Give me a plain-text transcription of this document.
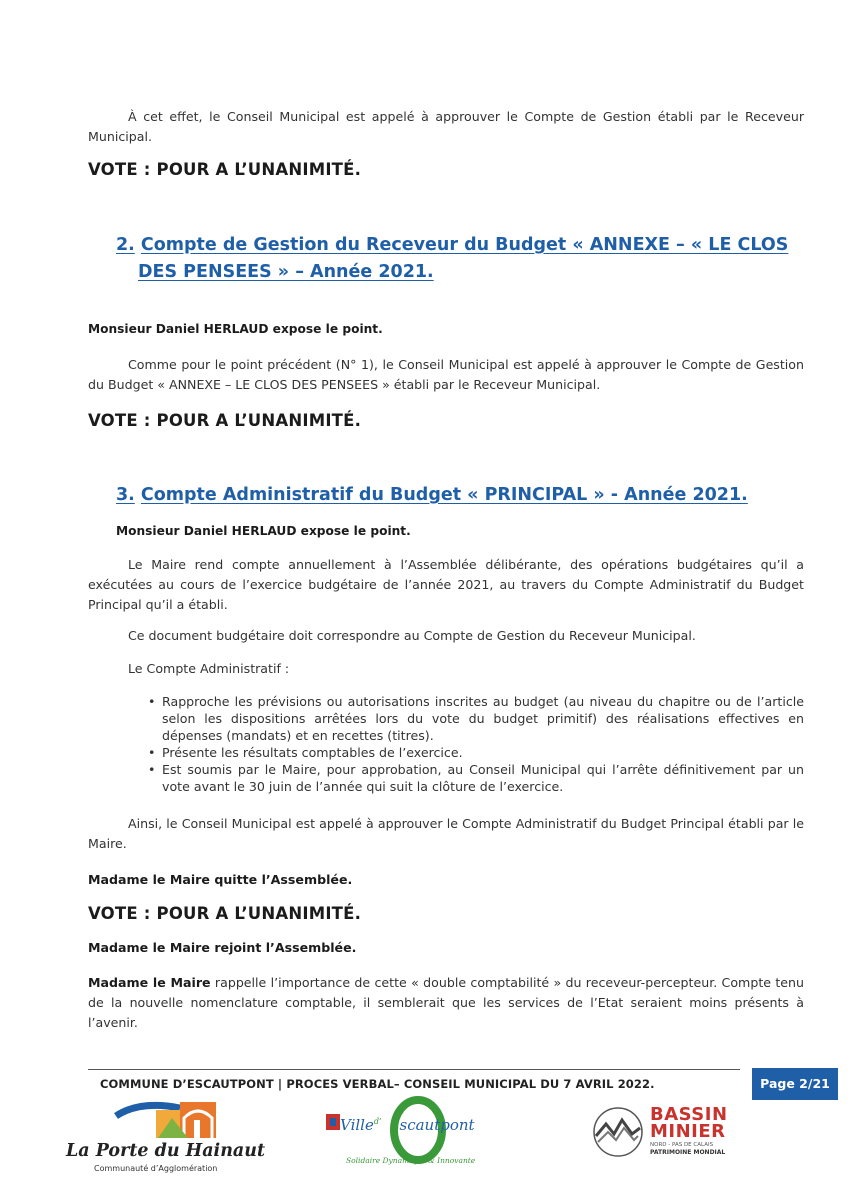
À cet effet, le Conseil Municipal est appelé à approuver le Compte de Gestion établi par le Receveur Municipal.
VOTE : POUR A L’UNANIMITÉ.
2. Compte de Gestion du Receveur du Budget « ANNEXE – « LE CLOS
DES PENSEES » – Année 2021.
Monsieur Daniel HERLAUD expose le point.
Comme pour le point précédent (N° 1), le Conseil Municipal est appelé à approuver le Compte de Gestion du Budget « ANNEXE – LE CLOS DES PENSEES » établi par le Receveur Municipal.
VOTE : POUR A L’UNANIMITÉ.
3. Compte Administratif du Budget « PRINCIPAL » - Année 2021.
Monsieur Daniel HERLAUD expose le point.
Le Maire rend compte annuellement à l’Assemblée délibérante, des opérations budgétaires qu’il a exécutées au cours de l’exercice budgétaire de l’année 2021, au travers du Compte Administratif du Budget Principal qu’il a établi.
Ce document budgétaire doit correspondre au Compte de Gestion du Receveur Municipal.
Le Compte Administratif :
• Rapproche les prévisions ou autorisations inscrites au budget (au niveau du chapitre ou de l’article selon les dispositions arrêtées lors du vote du budget primitif) des réalisations effectives en dépenses (mandats) et en recettes (titres).
• Présente les résultats comptables de l’exercice.
• Est soumis par le Maire, pour approbation, au Conseil Municipal qui l’arrête définitivement par un vote avant le 30 juin de l’année qui suit la clôture de l’exercice.
Ainsi, le Conseil Municipal est appelé à approuver le Compte Administratif du Budget Principal établi par le Maire.
Madame le Maire quitte l’Assemblée.
VOTE : POUR A L’UNANIMITÉ.
Madame le Maire rejoint l’Assemblée.
Madame le Maire rappelle l’importance de cette « double comptabilité » du receveur-percepteur. Compte tenu de la nouvelle nomenclature comptable, il semblerait que les services de l’Etat seraient moins présents à l’avenir.
COMMUNE D’ESCAUTPONT | PROCES VERBAL– CONSEIL MUNICIPAL DU 7 AVRIL 2022.	Page 2/21
La Porte du Hainaut
Communauté d’Agglomération
Ville$^{d’}$ scautpont
Solidaire Dynamique & Innovante
BASSIN
MINIER
NORD - PAS DE CALAIS
PATRIMOINE MONDIAL
